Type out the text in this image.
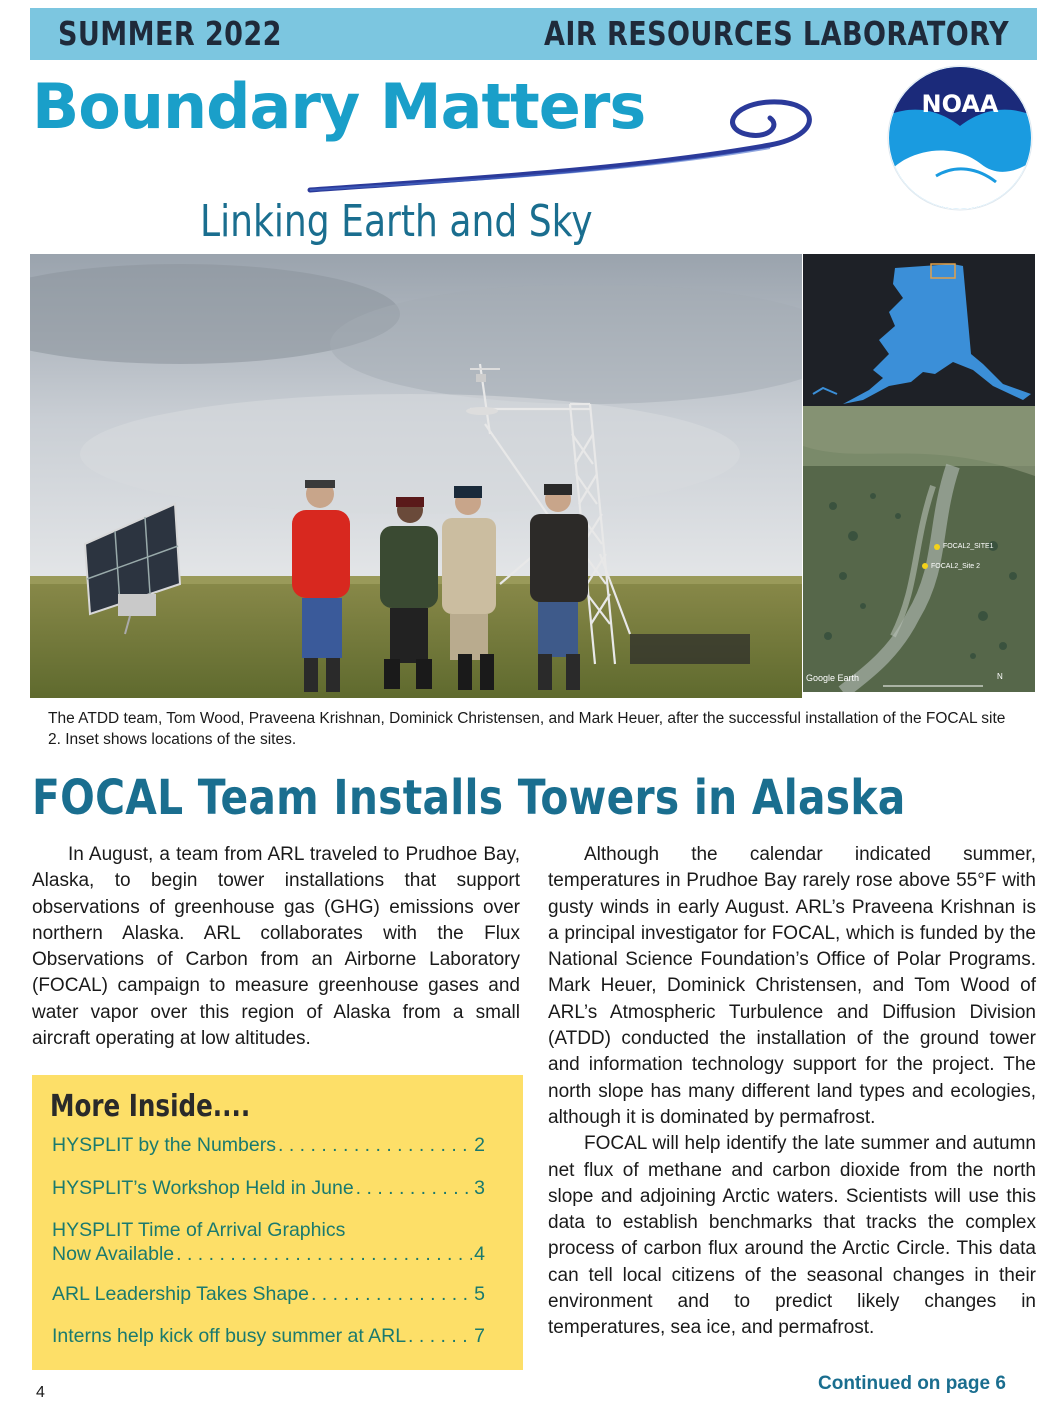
SUMMER 2022	AIR RESOURCES LABORATORY
Boundary Matters
Linking Earth and Sky
NOAA
FOCAL2_SITE1
FOCAL2_Site 2
Google Earth	N
The ATDD team, Tom Wood, Praveena Krishnan, Dominick Christensen, and Mark Heuer, after the successful installation of the FOCAL site 2. Inset shows locations of the sites.
FOCAL Team Installs Towers in Alaska

In August, a team from ARL traveled to Prudhoe Bay, Alaska, to begin tower installations that support observations of greenhouse gas (GHG) emissions over northern Alaska. ARL collaborates with the Flux Observations of Carbon from an Airborne Laboratory (FOCAL) campaign to measure greenhouse gases and water vapor over this region of Alaska from a small aircraft operating at low altitudes.

Although the calendar indicated summer, temperatures in Prudhoe Bay rarely rose above 55°F with gusty winds in early August. ARL’s Praveena Krishnan is a principal investigator for FOCAL, which is funded by the National Science Foundation’s Office of Polar Programs. Mark Heuer, Dominick Christensen, and Tom Wood of ARL’s Atmospheric Turbulence and Diffusion Division (ATDD) conducted the installation of the ground tower and information technology support for the project. The north slope has many different land types and ecologies, although it is dominated by permafrost.

FOCAL will help identify the late summer and autumn net flux of methane and carbon dioxide from the north slope and adjoining Arctic waters. Scientists will use this data to establish benchmarks that tracks the complex process of carbon flux around the Arctic Circle. This data can tell local citizens of the seasonal changes in their environment and to predict likely changes in temperatures, sea ice, and permafrost.

More Inside....
HYSPLIT by the Numbers . . .	2
HYSPLIT’s Workshop Held in June . . .	3
HYSPLIT Time of Arrival Graphics
Now Available . . .	4
ARL Leadership Takes Shape . . .	5
Interns help kick off busy summer at ARL . . .	7
Continued on page 6
4
